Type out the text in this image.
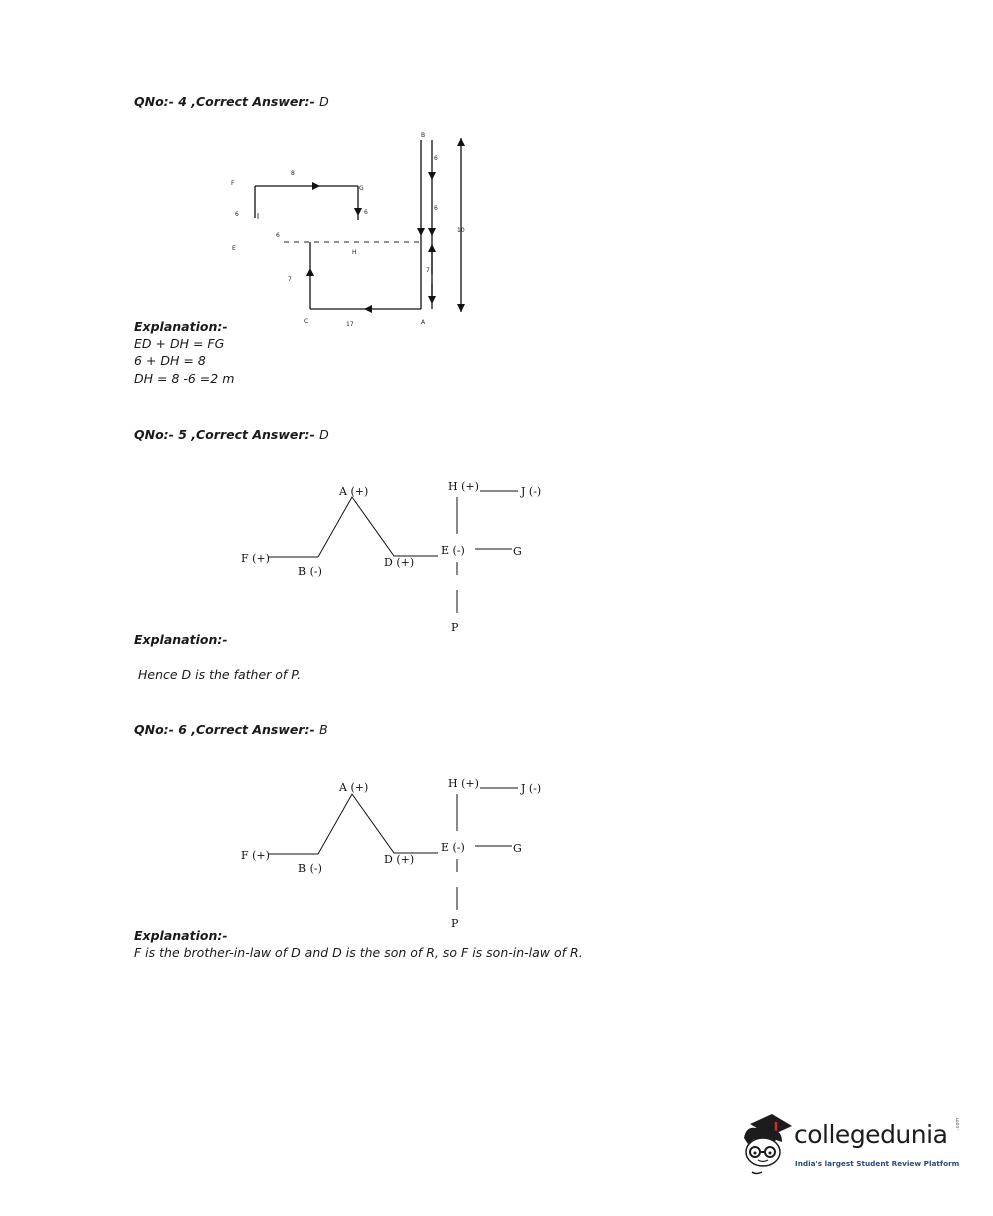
QNo:- 4 ,Correct Answer:- D
F
E
6
8
6
7
G
6
H
C	17	A
B
6
6
7
10
Explanation:-
ED + DH = FG
6 + DH = 8
DH = 8 -6 =2 m
QNo:- 5 ,Correct Answer:- D
A (+)	H (+)	J (-)
E (-)	G
F (+)
B (-)
D (+)
P
Explanation:-
Hence D is the father of P.
QNo:- 6 ,Correct Answer:- B
A (+)	H (+)	J (-)
E (-)	G
F (+)
B (-)
D (+)
P
Explanation:-
F is the brother-in-law of D and D is the son of R, so F is son-in-law of R.
collegedunia .com
India's largest Student Review Platform
